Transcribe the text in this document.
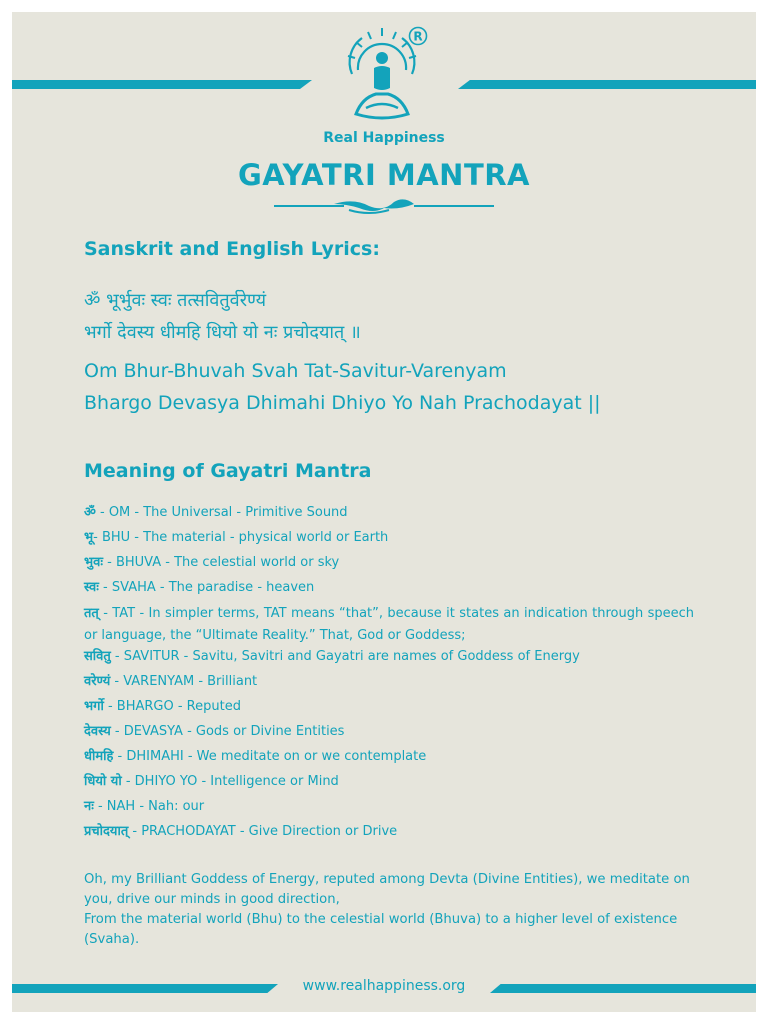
R
Real Happiness
GAYATRI MANTRA
Sanskrit and English Lyrics:
ॐ भूर्भुवः स्वः तत्सवितुर्वरेण्यं
भर्गो देवस्य धीमहि धियो यो नः प्रचोदयात् ॥
Om Bhur-Bhuvah Svah Tat-Savitur-Varenyam
Bhargo Devasya Dhimahi Dhiyo Yo Nah Prachodayat ||
Meaning of Gayatri Mantra
ॐ - OM - The Universal - Primitive Sound
भू- BHU - The material - physical world or Earth
भुवः - BHUVA - The celestial world or sky
स्वः - SVAHA - The paradise - heaven
तत् - TAT - In simpler terms, TAT means “that”, because it states an indication through speech or language, the “Ultimate Reality.” That, God or Goddess;
सवितु - SAVITUR - Savitu, Savitri and Gayatri are names of Goddess of Energy
वरेण्यं - VARENYAM - Brilliant
भर्गो - BHARGO - Reputed
देवस्य - DEVASYA - Gods or Divine Entities
धीमहि - DHIMAHI - We meditate on or we contemplate
धियो यो - DHIYO YO - Intelligence or Mind
नः - NAH - Nah: our
प्रचोदयात् - PRACHODAYAT - Give Direction or Drive
Oh, my Brilliant Goddess of Energy, reputed among Devta (Divine Entities), we meditate on you, drive our minds in good direction,
From the material world (Bhu) to the celestial world (Bhuva) to a higher level of existence (Svaha).
www.realhappiness.org
